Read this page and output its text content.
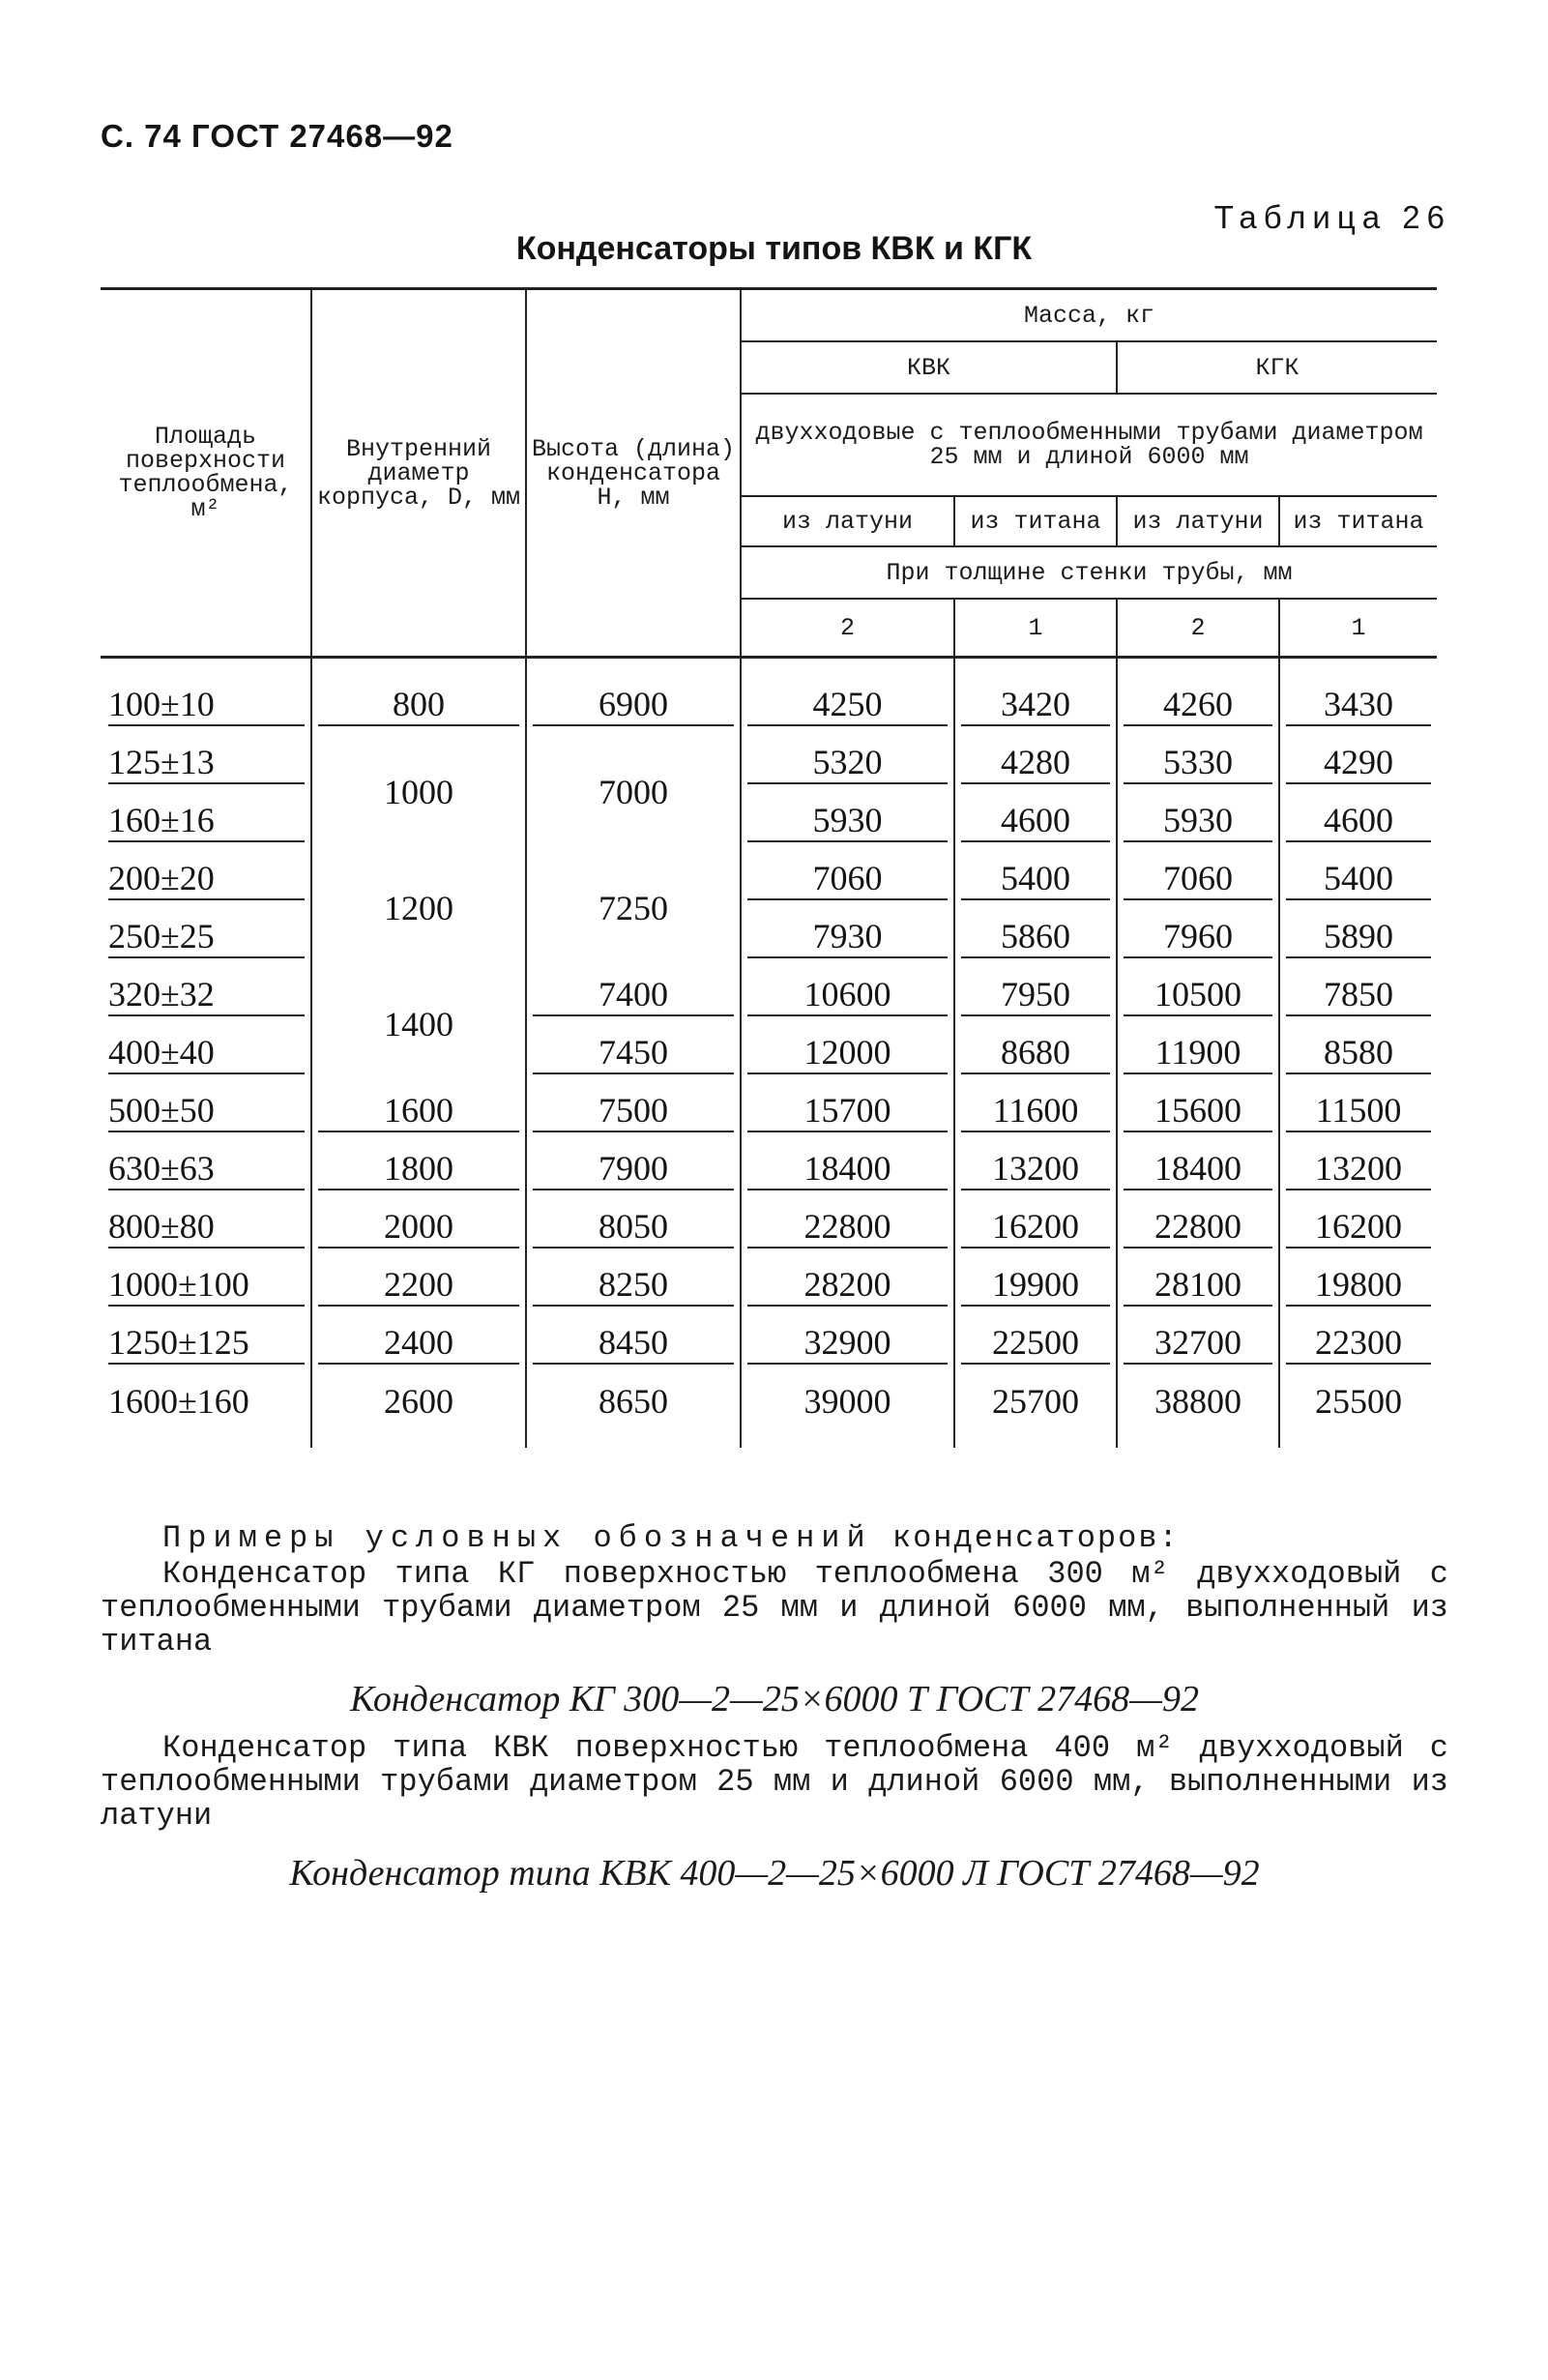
С. 74 ГОСТ 27468—92
Таблица 26
Конденсаторы типов КВК и КГК
Площадь поверхности теплообмена, м²	Внутренний диаметр корпуса, D, мм	Высота (длина) конденсатора H, мм	Масса, кг			
			КВК		КГК	
			двухходовые с теплообменными трубами диаметром 25 мм и длиной 6000 мм			
			из латуни	из титана	из латуни	из титана
			При толщине стенки трубы, мм			
			2	1	2	1

100±10	800	6900	4250	3420	4260	3430

125±13	1000	7000	5320	4280	5330	4290

160±16			5930	4600	5930	4600

200±20	1200	7250	7060	5400	7060	5400

250±25			7930	5860	7960	5890

320±32	1400	7400	10600	7950	10500	7850

400±40		7450	12000	8680	11900	8580

500±50	1600	7500	15700	11600	15600	11500

630±63	1800	7900	18400	13200	18400	13200

800±80	2000	8050	22800	16200	22800	16200

1000±100	2200	8250	28200	19900	28100	19800

1250±125	2400	8450	32900	22500	32700	22300

1600±160	2600	8650	39000	25700	38800	25500

Примеры условных обозначений конденсаторов:
Конденсатор типа КГ поверхностью теплообмена 300 м² двухходовый с теплообменными трубами диаметром 25 мм и длиной 6000 мм, выполненный из титана
Конденсатор КГ 300—2—25×6000 Т ГОСТ 27468—92
Конденсатор типа КВК поверхностью теплообмена 400 м² двухходовый с теплообменными трубами диаметром 25 мм и длиной 6000 мм, выполненными из латуни
Конденсатор типа КВК 400—2—25×6000 Л ГОСТ 27468—92
